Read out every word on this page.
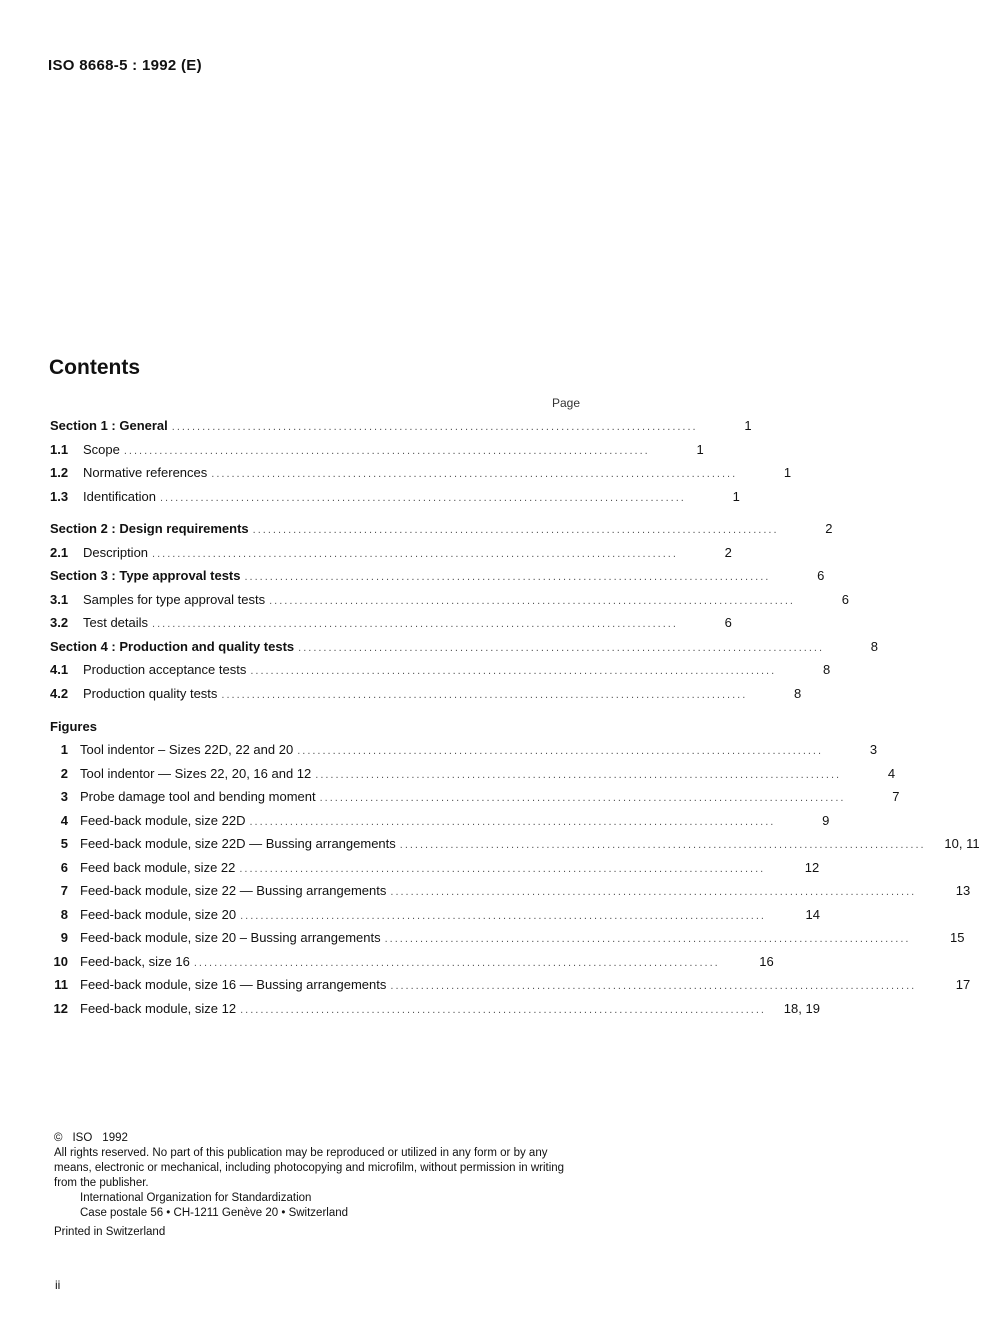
ISO 8668-5 : 1992 (E)
Contents
Page
Section 1 : General ........................................................................................................	1
1.1	Scope ........................................................................................................	1
1.2	Normative references ........................................................................................................	1
1.3	Identification ........................................................................................................	1
Section 2 : Design requirements ........................................................................................................	2
2.1	Description ........................................................................................................	2
Section 3 : Type approval tests ........................................................................................................	6
3.1	Samples for type approval tests ........................................................................................................	6
3.2	Test details ........................................................................................................	6
Section 4 : Production and quality tests ........................................................................................................	8
4.1	Production acceptance tests ........................................................................................................	8
4.2	Production quality tests ........................................................................................................	8
Figures
1 Tool indentor – Sizes 22D, 22 and 20 ........................................................................................................	3
2 Tool indentor — Sizes 22, 20, 16 and 12 ........................................................................................................	4
3 Probe damage tool and bending moment ........................................................................................................	7
4 Feed-back module, size 22D ........................................................................................................	9
5 Feed-back module, size 22D — Bussing arrangements ........................................................................................................	10, 11
6 Feed back module, size 22 ........................................................................................................	12
7 Feed-back module, size 22 — Bussing arrangements ........................................................................................................	13
8 Feed-back module, size 20 ........................................................................................................	14
9 Feed-back module, size 20 – Bussing arrangements ........................................................................................................	15
10 Feed-back, size 16 ........................................................................................................	16
11 Feed-back module, size 16 — Bussing arrangements ........................................................................................................	17
12 Feed-back module, size 12 ........................................................................................................	18, 19
© ISO 1992
All rights reserved. No part of this publication may be reproduced or utilized in any form or by any means, electronic or mechanical, including photocopying and microfilm, without permission in writing from the publisher.
International Organization for Standardization
Case postale 56 • CH-1211 Genève 20 • Switzerland
Printed in Switzerland
ii
